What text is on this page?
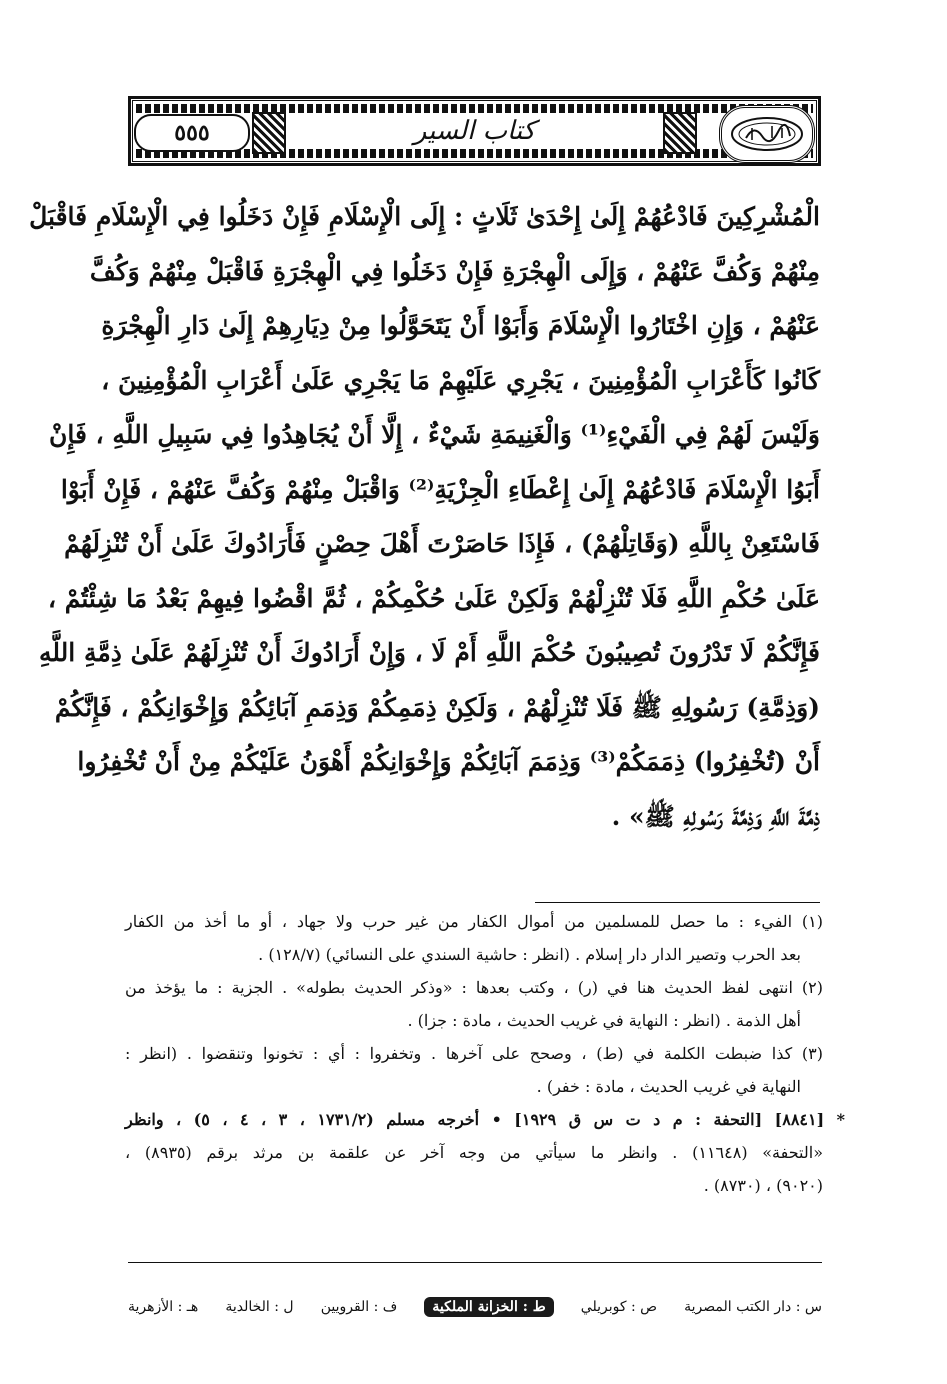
٥٥٥	كتاب السير
الْمُشْرِكِينَ فَادْعُهُمْ إِلَىٰ إِحْدَىٰ ثَلَاثٍ : إِلَى الْإِسْلَامِ فَإِنْ دَخَلُوا فِي الْإِسْلَامِ فَاقْبَلْ
مِنْهُمْ وَكُفَّ عَنْهُمْ ، وَإِلَى الْهِجْرَةِ فَإِنْ دَخَلُوا فِي الْهِجْرَةِ فَاقْبَلْ مِنْهُمْ وَكُفَّ
عَنْهُمْ ، وَإِنِ اخْتَارُوا الْإِسْلَامَ وَأَبَوْا أَنْ يَتَحَوَّلُوا مِنْ دِيَارِهِمْ إِلَىٰ دَارِ الْهِجْرَةِ
كَانُوا كَأَعْرَابِ الْمُؤْمِنِينَ ، يَجْرِي عَلَيْهِمْ مَا يَجْرِي عَلَىٰ أَعْرَابِ الْمُؤْمِنِينَ ،
وَلَيْسَ لَهُمْ فِي الْفَيْءِ⁽¹⁾ وَالْغَنِيمَةِ شَيْءٌ ، إِلَّا أَنْ يُجَاهِدُوا فِي سَبِيلِ اللَّهِ ، فَإِنْ
أَبَوُا الْإِسْلَامَ فَادْعُهُمْ إِلَىٰ إِعْطَاءِ الْجِزْيَةِ⁽²⁾ وَاقْبَلْ مِنْهُمْ وَكُفَّ عَنْهُمْ ، فَإِنْ أَبَوْا
فَاسْتَعِنْ بِاللَّهِ (وَقَاتِلْهُمْ) ، فَإِذَا حَاصَرْتَ أَهْلَ حِصْنٍ فَأَرَادُوكَ عَلَىٰ أَنْ تُنْزِلَهُمْ
عَلَىٰ حُكْمِ اللَّهِ فَلَا تُنْزِلْهُمْ وَلَكِنْ عَلَىٰ حُكْمِكُمْ ، ثُمَّ اقْضُوا فِيهِمْ بَعْدُ مَا شِئْتُمْ ،
فَإِنَّكُمْ لَا تَدْرُونَ تُصِيبُونَ حُكْمَ اللَّهِ أَمْ لَا ، وَإِنْ أَرَادُوكَ أَنْ تُنْزِلَهُمْ عَلَىٰ ذِمَّةِ اللَّهِ
(وَذِمَّةِ) رَسُولِهِ ﷺ فَلَا تُنْزِلْهُمْ ، وَلَكِنْ ذِمَمِكُمْ وَذِمَمِ آبَائِكُمْ وَإِخْوَانِكُمْ ، فَإِنَّكُمْ
أَنْ (تُخْفِرُوا) ذِمَمَكُمْ⁽³⁾ وَذِمَمَ آبَائِكُمْ وَإِخْوَانِكُمْ أَهْوَنُ عَلَيْكُمْ مِنْ أَنْ تُخْفِرُوا
ذِمَّةَ اللَّهِ وَذِمَّةَ رَسُولِهِ ﷺ» .
(١) الفيء : ما حصل للمسلمين من أموال الكفار من غير حرب ولا جهاد ، أو ما أخذ من الكفار
بعد الحرب وتصير الدار دار إسلام . (انظر : حاشية السندي على النسائي) (١٢٨/٧) .
(٢) انتهى لفظ الحديث هنا في (ر) ، وكتب بعدها : «وذكر الحديث بطوله» . الجزية : ما يؤخذ من
أهل الذمة . (انظر : النهاية في غريب الحديث ، مادة : جزا) .
(٣) كذا ضبطت الكلمة في (ط) ، وصحح على آخرها . وتخفروا : أي : تخونوا وتنقضوا . (انظر :
النهاية في غريب الحديث ، مادة : خفر) .
* [٨٨٤١] [التحفة : م د ت س ق ١٩٢٩] • أخرجه مسلم (١٧٣١/٢ ، ٣ ، ٤ ، ٥) ، وانظر
«التحفة» (١١٦٤٨) . وانظر ما سيأتي من وجه آخر عن علقمة بن مرثد برقم (٨٩٣٥) ،
(٩٠٢٠) ، (٨٧٣٠) .
س : دار الكتب المصرية
ص : كوبريلي
ط : الخزانة الملكية
ف : القرويين
ل : الخالدية
هـ : الأزهرية
